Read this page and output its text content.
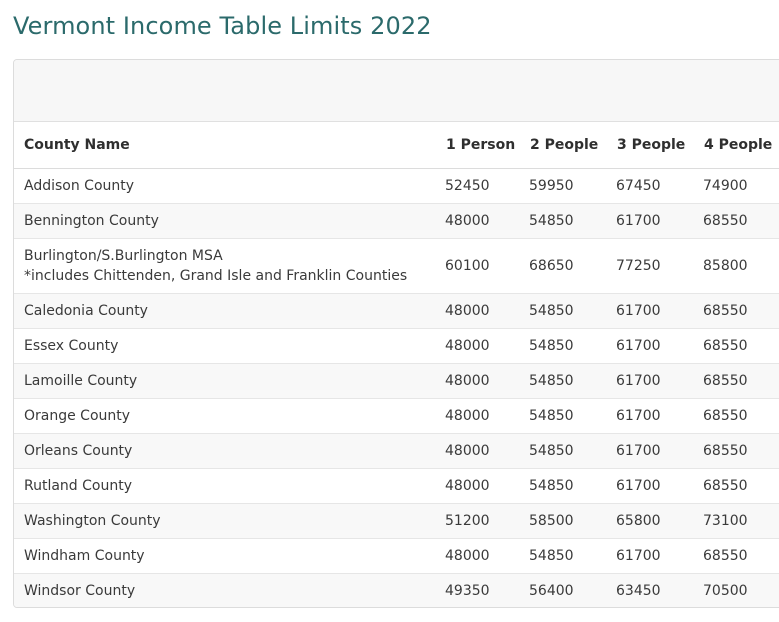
Vermont Income Table Limits 2022
County Name	1 Person	2 People	3 People	4 People
Addison County	52450	59950	67450	74900
Bennington County	48000	54850	61700	68550
Burlington/S.Burlington MSA
*includes Chittenden, Grand Isle and Franklin Counties	60100	68650	77250	85800
Caledonia County	48000	54850	61700	68550
Essex County	48000	54850	61700	68550
Lamoille County	48000	54850	61700	68550
Orange County	48000	54850	61700	68550
Orleans County	48000	54850	61700	68550
Rutland County	48000	54850	61700	68550
Washington County	51200	58500	65800	73100
Windham County	48000	54850	61700	68550
Windsor County	49350	56400	63450	70500
